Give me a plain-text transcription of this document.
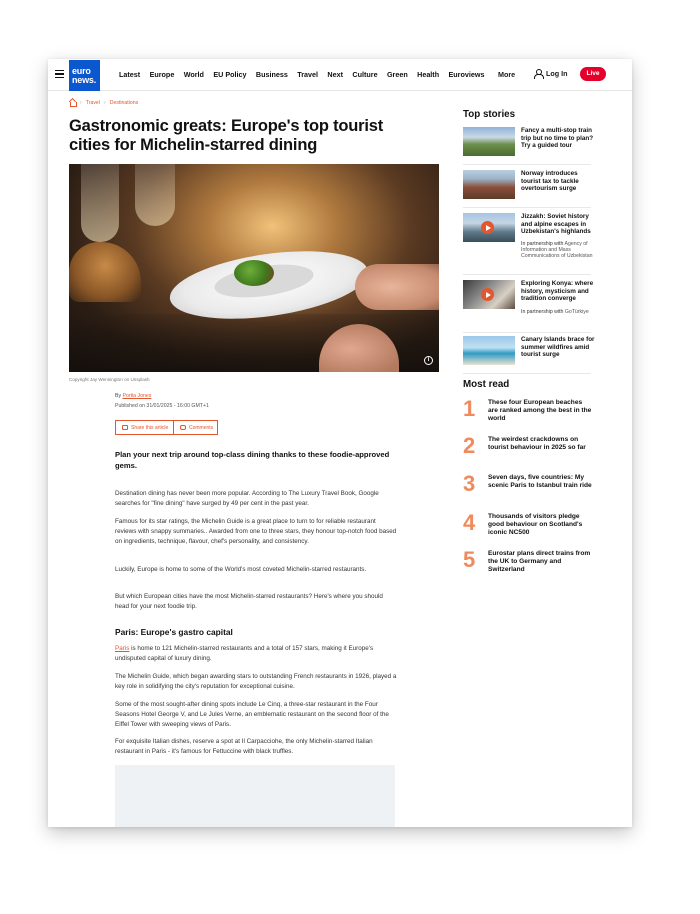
euro
news.	Latest Europe World EU Policy Business Travel Next Culture Green Health Euroviews More	Log In	Live
› Travel › Destinations
Gastronomic greats: Europe's top tourist cities for Michelin-starred dining
i
Copyright Jay Wennington on Unsplash
By Portia Jones
Published on 31/01/2025 - 16:00 GMT+1
Share this article	Comments

Plan your next trip around top-class dining thanks to these foodie-approved gems.

Destination dining has never been more popular. According to The Luxury Travel Book, Google searches for "fine dining" have surged by 49 per cent in the past year.

Famous for its star ratings, the Michelin Guide is a great place to turn to for reliable restaurant reviews with snappy summaries.. Awarded from one to three stars, they honour top-notch food based on ingredients, technique, flavour, chef's personality, and consistency.

Luckily, Europe is home to some of the World's most coveted Michelin-starred restaurants.

But which European cities have the most Michelin-starred restaurants? Here's where you should head for your next foodie trip.

Paris: Europe's gastro capital

Paris is home to 121 Michelin-starred restaurants and a total of 157 stars, making it Europe's undisputed capital of luxury dining.

The Michelin Guide, which began awarding stars to outstanding French restaurants in 1926, played a key role in solidifying the city's reputation for exceptional cuisine.

Some of the most sought-after dining spots include Le Cinq, a three-star restaurant in the Four Seasons Hotel George V, and Le Jules Verne, an emblematic restaurant on the second floor of the Eiffel Tower with sweeping views of Paris.

For exquisite Italian dishes, reserve a spot at Il Carpacciohe, the only Michelin-starred Italian restaurant in Paris - it's famous for Fettuccine with black truffles.

Top stories
Fancy a multi-stop train trip but no time to plan? Try a guided tour
Norway introduces tourist tax to tackle overtourism surge
Jizzakh: Soviet history and alpine escapes in Uzbekistan's highlands
In partnership with Agency of Information and Mass Communications of Uzbekistan
Exploring Konya: where history, mysticism and tradition converge
In partnership with GoTürkiye
Canary Islands brace for summer wildfires amid tourist surge
Most read
1 These four European beaches are ranked among the best in the world
2 The weirdest crackdowns on tourist behaviour in 2025 so far
3 Seven days, five countries: My scenic Paris to Istanbul train ride
4 Thousands of visitors pledge good behaviour on Scotland's iconic NC500
5 Eurostar plans direct trains from the UK to Germany and Switzerland
